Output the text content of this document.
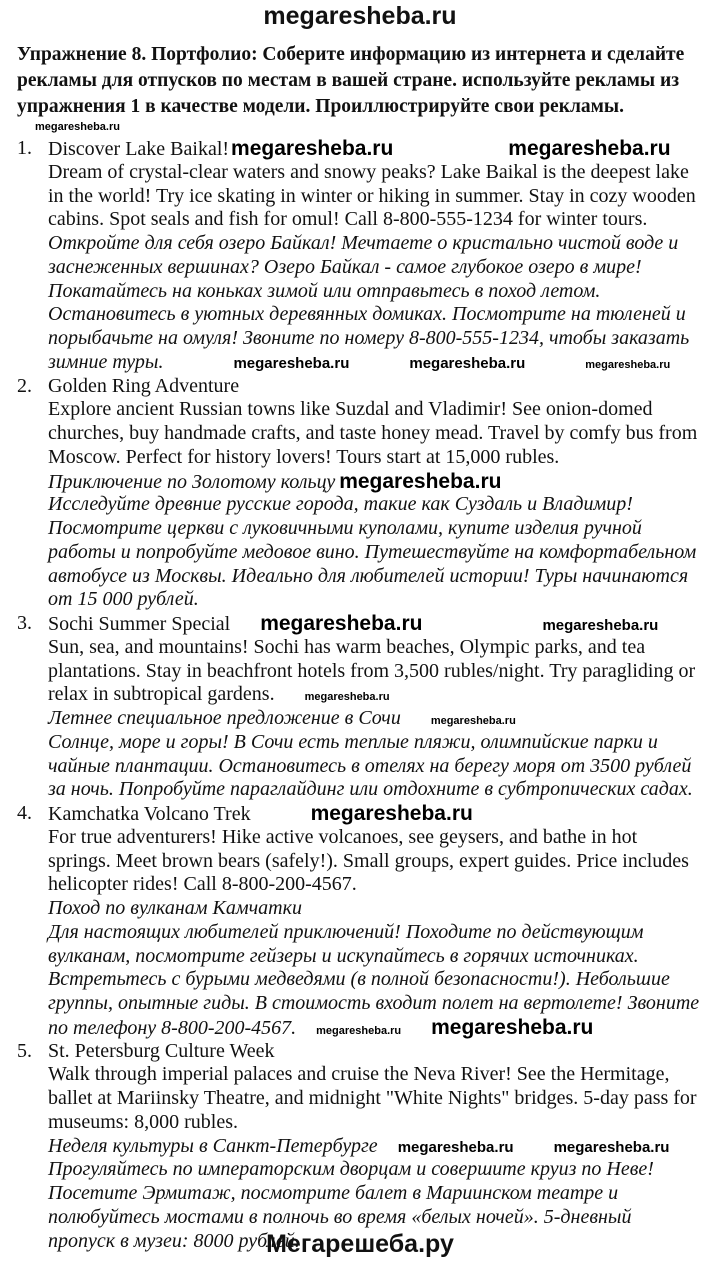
megaresheba.ru
Упражнение 8. Портфолио: Соберите информацию из интернета и сделайте рекламы для отпусков по местам в вашей стране. используйте рекламы из упражнения 1 в качестве модели. Проиллюстрируйте свои рекламы.
megaresheba.ru
1. Discover Lake Baikal!megaresheba.ru	megaresheba.ru
Dream of crystal-clear waters and snowy peaks? Lake Baikal is the deepest lake
in the world! Try ice skating in winter or hiking in summer. Stay in cozy wooden
cabins. Spot seals and fish for omul! Call 8-800-555-1234 for winter tours.
Откройте для себя озеро Байкал! Мечтаете о кристально чистой воде и
заснеженных вершинах? Озеро Байкал - самое глубокое озеро в мире!
Покатайтесь на коньках зимой или отправьтесь в поход летом.
Остановитесь в уютных деревянных домиках. Посмотрите на тюленей и
порыбачьте на омуля! Звоните по номеру 8-800-555-1234, чтобы заказать
зимние туры.	megaresheba.ru	megaresheba.ru	megaresheba.ru
2. Golden Ring Adventure
Explore ancient Russian towns like Suzdal and Vladimir! See onion-domed
churches, buy handmade crafts, and taste honey mead. Travel by comfy bus from
Moscow. Perfect for history lovers! Tours start at 15,000 rubles.
Приключение по Золотому кольцу megaresheba.ru
Исследуйте древние русские города, такие как Суздаль и Владимир!
Посмотрите церкви с луковичными куполами, купите изделия ручной
работы и попробуйте медовое вино. Путешествуйте на комфортабельном
автобусе из Москвы. Идеально для любителей истории! Туры начинаются
от 15 000 рублей.
3. Sochi Summer Special megaresheba.ru	megaresheba.ru
Sun, sea, and mountains! Sochi has warm beaches, Olympic parks, and tea
plantations. Stay in beachfront hotels from 3,500 rubles/night. Try paragliding or
relax in subtropical gardens.	megaresheba.ru
Летнее специальное предложение в Сочи	megaresheba.ru
Солнце, море и горы! В Сочи есть теплые пляжи, олимпийские парки и
чайные плантации. Остановитесь в отелях на берегу моря от 3500 рублей
за ночь. Попробуйте параглайдинг или отдохните в субтропических садах.
4. Kamchatka Volcano Trek	megaresheba.ru
For true adventurers! Hike active volcanoes, see geysers, and bathe in hot
springs. Meet brown bears (safely!). Small groups, expert guides. Price includes
helicopter rides! Call 8-800-200-4567.
Поход по вулканам Камчатки
Для настоящих любителей приключений! Походите по действующим
вулканам, посмотрите гейзеры и искупайтесь в горячих источниках.
Встретьтесь с бурыми медведями (в полной безопасности!). Небольшие
группы, опытные гиды. В стоимость входит полет на вертолете! Звоните
по телефону 8-800-200-4567. megaresheba.ru megaresheba.ru
5. St. Petersburg Culture Week
Walk through imperial palaces and cruise the Neva River! See the Hermitage,
ballet at Mariinsky Theatre, and midnight "White Nights" bridges. 5-day pass for
museums: 8,000 rubles.
Неделя культуры в Санкт-Петербурге megaresheba.ru	megaresheba.ru
Прогуляйтесь по императорским дворцам и совершите круиз по Неве!
Посетите Эрмитаж, посмотрите балет в Мариинском театре и
полюбуйтесь мостами в полночь во время «белых ночей». 5-дневный
пропуск в музеи: 8000 рублей.
Мегарешеба.ру
